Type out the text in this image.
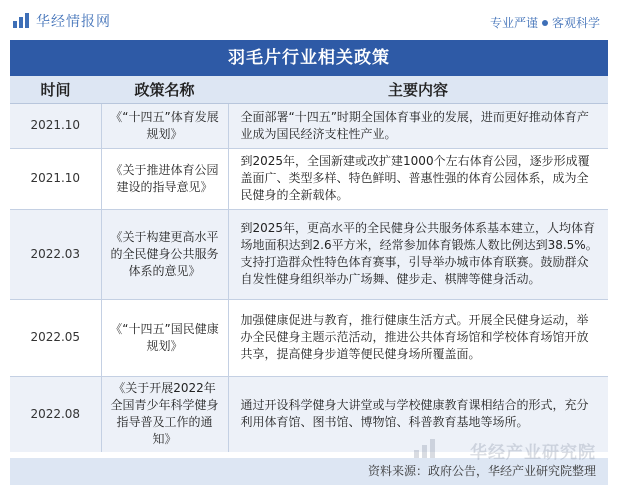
华经情报网	专业严谨 客观科学
羽毛片行业相关政策
时间	政策名称	主要内容
2021.10	《“十四五”体育发展规划》	全面部署“十四五”时期全国体育事业的发展，进而更好推动体育产业成为国民经济支柱性产业。
2021.10	《关于推进体育公园建设的指导意见》	到2025年，全国新建或改扩建1000个左右体育公园，逐步形成覆盖面广、类型多样、特色鲜明、普惠性强的体育公园体系，成为全民健身的全新载体。
2022.03	《关于构建更高水平的全民健身公共服务体系的意见》	到2025年，更高水平的全民健身公共服务体系基本建立，人均体育场地面积达到2.6平方米，经常参加体育锻炼人数比例达到38.5%。支持打造群众性特色体育赛事，引导举办城市体育联赛。鼓励群众自发性健身组织举办广场舞、健步走、棋牌等健身活动。
2022.05	《“十四五”国民健康规划》	加强健康促进与教育，推行健康生活方式。开展全民健身运动，举办全民健身主题示范活动，推进公共体育场馆和学校体育场馆开放共享，提高健身步道等便民健身场所覆盖面。
2022.08	《关于开展2022年全国青少年科学健身指导普及工作的通知》	通过开设科学健身大讲堂或与学校健康教育课相结合的形式，充分利用体育馆、图书馆、博物馆、科普教育基地等场所。
资料来源：政府公告，华经产业研究院整理
华经产业研究院
